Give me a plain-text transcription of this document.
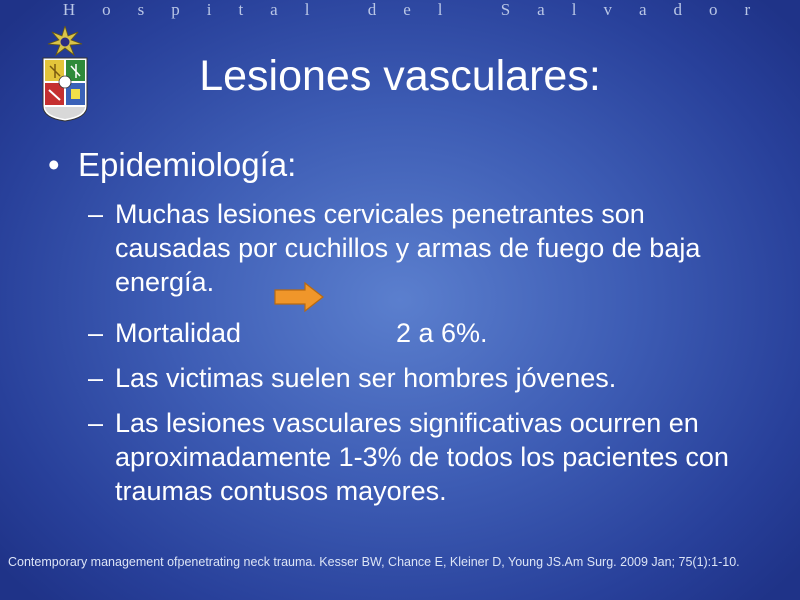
Hospital del Salvador
Lesiones vasculares:
• Epidemiología:
– Muchas lesiones cervicales penetrantes son causadas por cuchillos y armas de fuego de baja energía.
– Mortalidad	2 a 6%.
– Las victimas suelen ser hombres jóvenes.
– Las lesiones vasculares significativas ocurren en aproximadamente 1-3% de todos los pacientes con traumas contusos mayores.
Contemporary management ofpenetrating neck trauma. Kesser BW, Chance E, Kleiner D, Young JS.Am Surg. 2009 Jan; 75(1):1-10.
